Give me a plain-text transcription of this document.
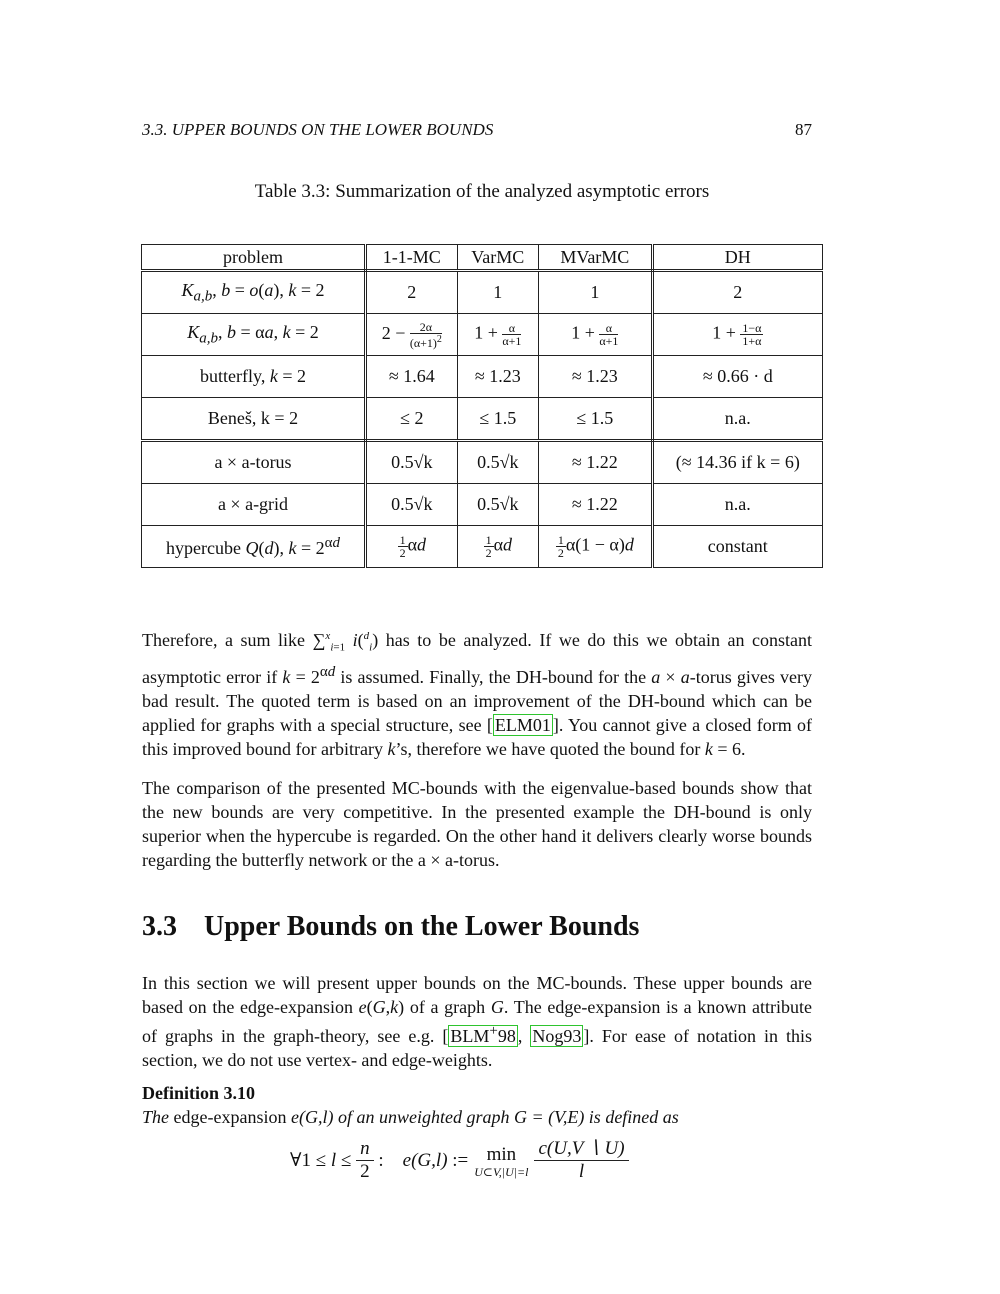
3.3. UPPER BOUNDS ON THE LOWER BOUNDS	87
Table 3.3: Summarization of the analyzed asymptotic errors
problem	1-1-MC	VarMC	MVarMC	DH
$K_{a,b}$, b = o(a), k = 2	2	1	1	2
$K_{a,b}$, b = αa, k = 2	$2 - \frac{2\alpha}{(\alpha+1)^2}$	$1 + \frac{\alpha}{\alpha+1}$	$1 + \frac{\alpha}{\alpha+1}$	$1 + \frac{1-\alpha}{1+\alpha}$

butterfly, k = 2	≈ 1.64	≈ 1.23	≈ 1.23	≈ 0.66 · d
Beneš, k = 2	≤ 2	≤ 1.5	≤ 1.5	n.a.
a × a-torus	0.5√k	0.5√k	≈ 1.22	(≈ 14.36 if k = 6)
a × a-grid	0.5√k	0.5√k	≈ 1.22	n.a.
hypercube Q(d), $k = 2^{\alpha d}$	$\frac{1}{2}$ αd	$\frac{1}{2}$ αd	$\frac{1}{2} \alpha(1 - \alpha)d$	constant

Therefore, a sum like ∑$^x_{i=1}$ i($^d_i$) has to be analyzed. If we do this we obtain an constant asymptotic error if $k = 2^{\alpha d}$ is assumed. Finally, the DH-bound for the a × a-torus gives very bad result. The quoted term is based on an improvement of the DH-bound which can be applied for graphs with a special structure, see [ ELM01 ]. You cannot give a closed form of this improved bound for arbitrary k’s, therefore we have quoted the bound for k = 6.

The comparison of the presented MC-bounds with the eigenvalue-based bounds show that the new bounds are very competitive. In the presented example the DH-bound is only superior when the hypercube is regarded. On the other hand it delivers clearly worse bounds regarding the butterfly network or the a × a-torus.

3.3 Upper Bounds on the Lower Bounds

In this section we will present upper bounds on the MC-bounds. These upper bounds are based on the edge-expansion e(G,k) of a graph G. The edge-expansion is a known attribute of graphs in the graph-theory, see e.g. [ BLM+98 , Nog93 ]. For ease of notation in this section, we do not use vertex- and edge-weights.

Definition 3.10
The edge-expansion e(G,l) of an unweighted graph G = (V,E) is defined as
∀1 ≤
l
≤
$\frac{n}{2}$ : e ( G , l ) := min
U⊂V,|U|=l $\frac{c(U,V ∖ U)}{l}$
